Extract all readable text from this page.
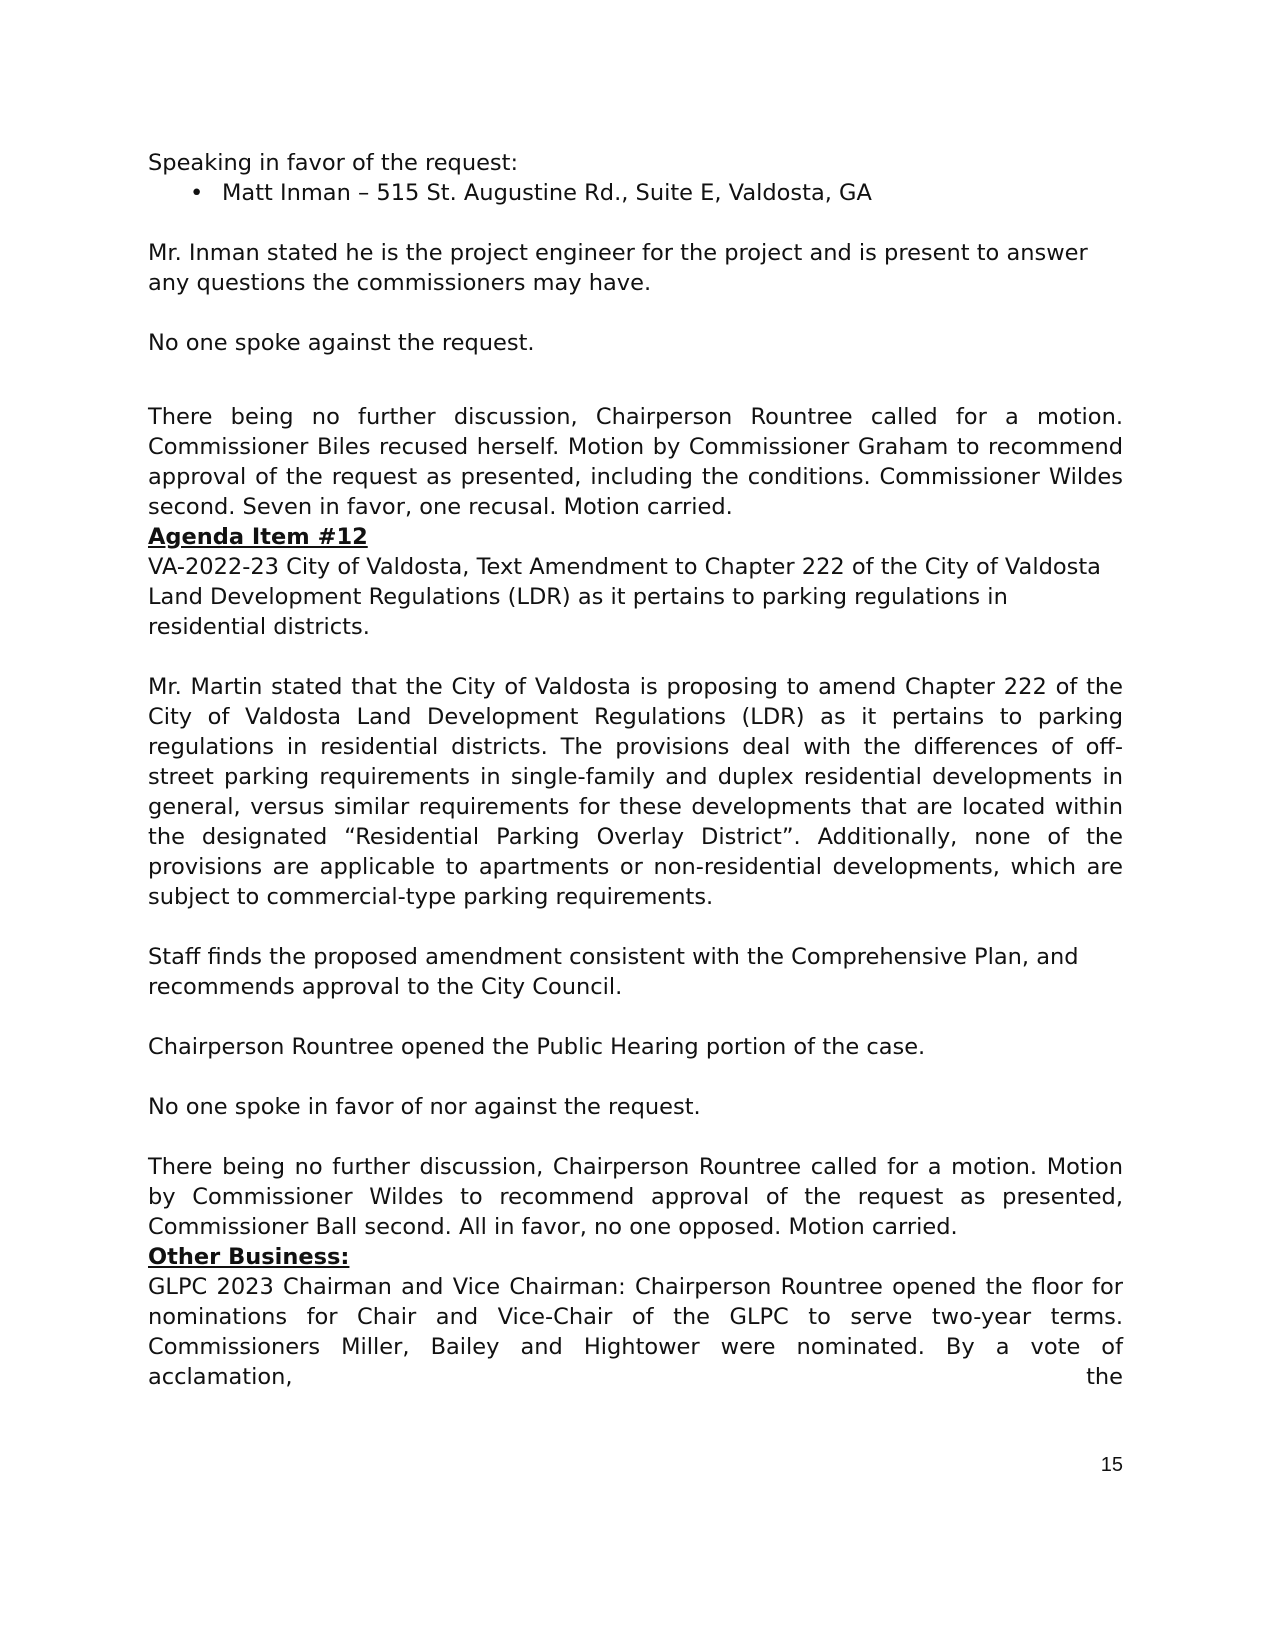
Speaking in favor of the request:

• Matt Inman – 515 St. Augustine Rd., Suite E, Valdosta, GA

Mr. Inman stated he is the project engineer for the project and is present to answer any questions the commissioners may have.

No one spoke against the request.

There being no further discussion, Chairperson Rountree called for a motion. Commissioner Biles recused herself. Motion by Commissioner Graham to recommend approval of the request as presented, including the conditions. Commissioner Wildes second. Seven in favor, one recusal. Motion carried.

Agenda Item #12

VA-2022-23 City of Valdosta, Text Amendment to Chapter 222 of the City of Valdosta Land Development Regulations (LDR) as it pertains to parking regulations in residential districts.

Mr. Martin stated that the City of Valdosta is proposing to amend Chapter 222 of the City of Valdosta Land Development Regulations (LDR) as it pertains to parking regulations in residential districts. The provisions deal with the differences of off-street parking requirements in single-family and duplex residential developments in general, versus similar requirements for these developments that are located within the designated “Residential Parking Overlay District”. Additionally, none of the provisions are applicable to apartments or non-residential developments, which are subject to commercial-type parking requirements.

Staff finds the proposed amendment consistent with the Comprehensive Plan, and recommends approval to the City Council.

Chairperson Rountree opened the Public Hearing portion of the case.

No one spoke in favor of nor against the request.

There being no further discussion, Chairperson Rountree called for a motion. Motion by Commissioner Wildes to recommend approval of the request as presented, Commissioner Ball second. All in favor, no one opposed. Motion carried.

Other Business:

GLPC 2023 Chairman and Vice Chairman: Chairperson Rountree opened the floor for nominations for Chair and Vice-Chair of the GLPC to serve two-year terms. Commissioners Miller, Bailey and Hightower were nominated. By a vote of acclamation, the

15
